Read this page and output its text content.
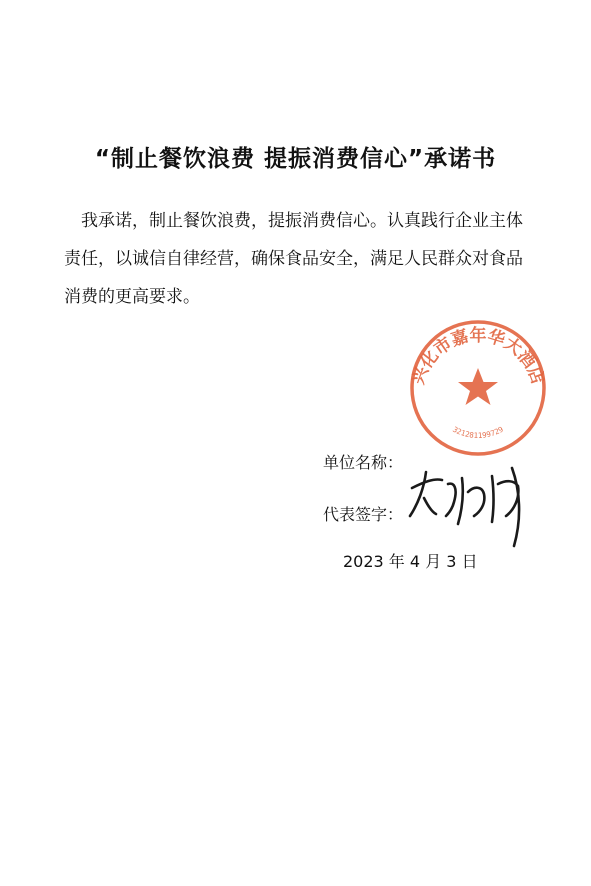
“制止餐饮浪费 提振消费信心”承诺书
我承诺，制止餐饮浪费，提振消费信心。认真践行企业主体责任，以诚信自律经营，确保食品安全，满足人民群众对食品消费的更高要求。
兴化市嘉年华大酒店
321281199729
单位名称：
代表签字：
2023 年 4 月 3 日
